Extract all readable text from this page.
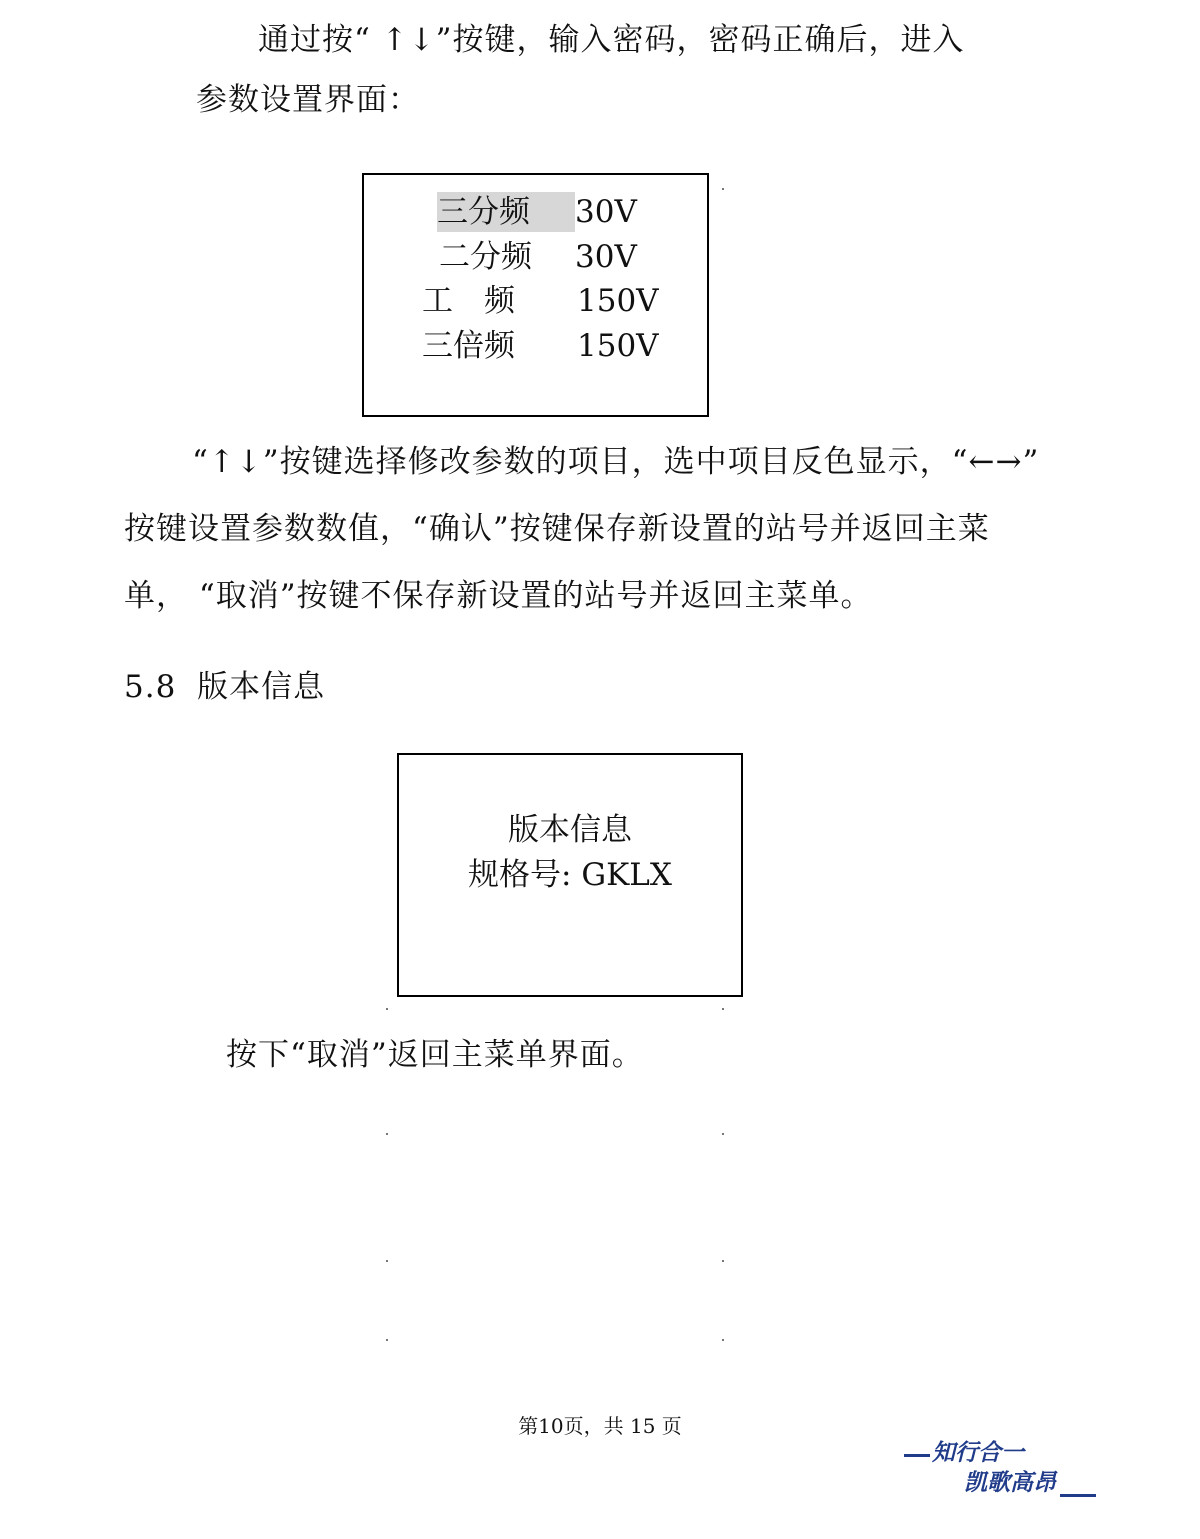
通过按“ ↑↓”按键，输入密码，密码正确后，进入
参数设置界面：
三分频	30V
二分频 30V
工　频 150V
三倍频 150V
“↑↓”按键选择修改参数的项目，选中项目反色显示，“←→”
按键设置参数数值，“确认”按键保存新设置的站号并返回主菜
单， “取消”按键不保存新设置的站号并返回主菜单。
5.8 版本信息
版本信息
规格号: GKLX
按下“取消”返回主菜单界面。
第10页，共 15 页
知行合一
凯歌高昂
